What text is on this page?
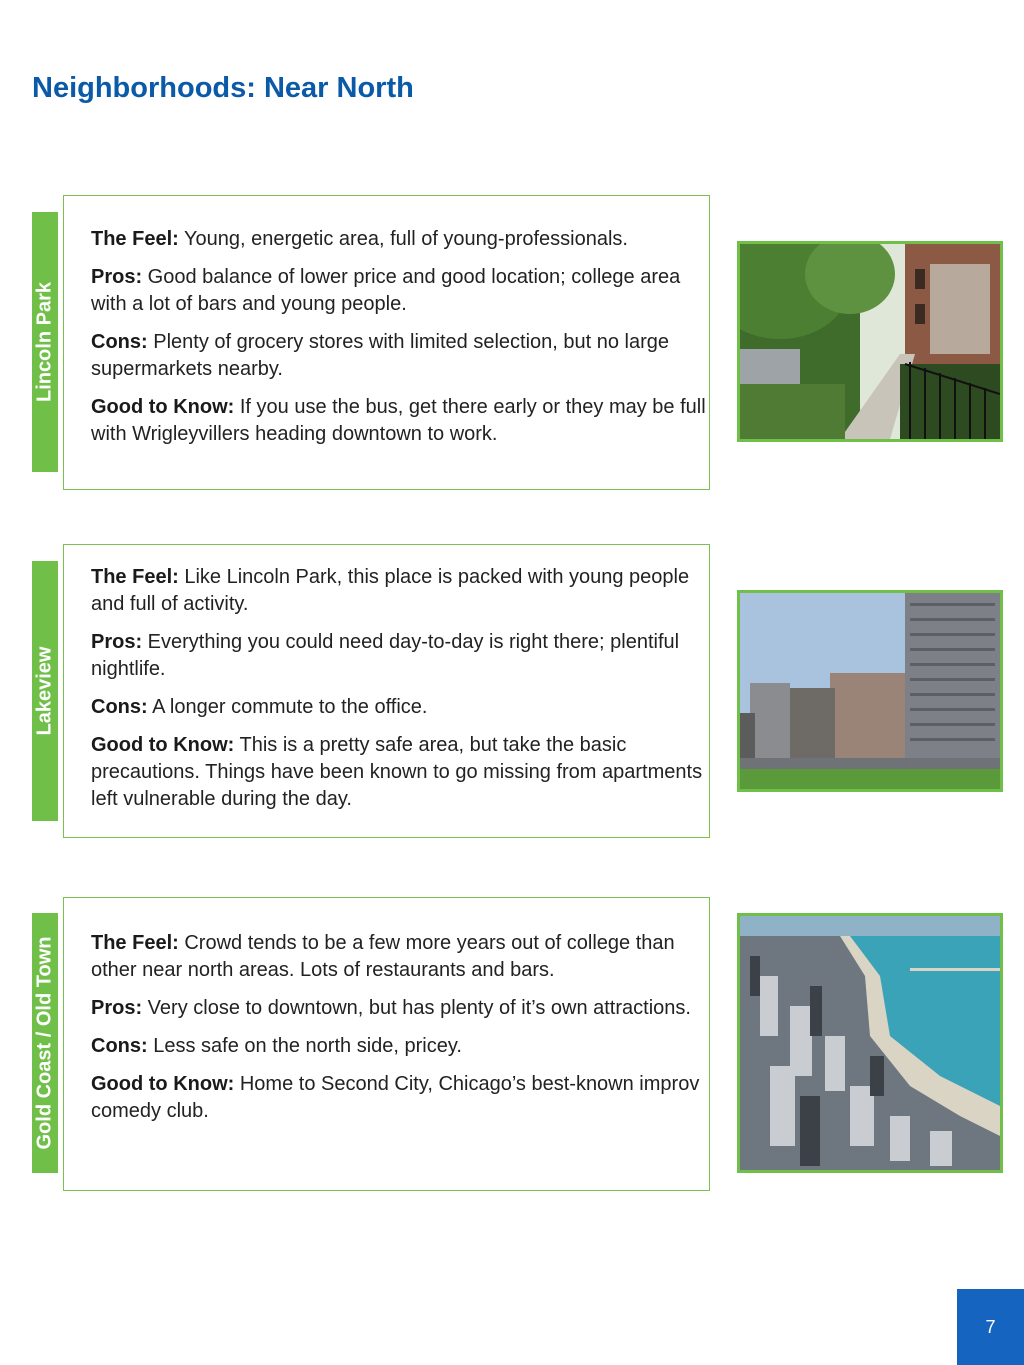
Neighborhoods: Near North
Lincoln Park

The Feel: Young, energetic area, full of young-professionals.

Pros: Good balance of lower price and good location; college area with a lot of bars and young people.

Cons: Plenty of grocery stores with limited selection, but no large supermarkets nearby.

Good to Know: If you use the bus, get there early or they may be full with Wrigleyvillers heading downtown to work.

Lakeview

The Feel: Like Lincoln Park, this place is packed with young people and full of activity.

Pros: Everything you could need day-to-day is right there; plentiful nightlife.

Cons: A longer commute to the office.

Good to Know: This is a pretty safe area, but take the basic precautions. Things have been known to go missing from apartments left vulnerable during the day.

Gold Coast / Old Town The Feel: Crowd tends to be a few more years out of college than other near north areas. Lots of restaurants and bars.

Pros: Very close to downtown, but has plenty of it’s own attractions.

Cons: Less safe on the north side, pricey.

Good to Know: Home to Second City, Chicago’s best-known improv comedy club.

7
